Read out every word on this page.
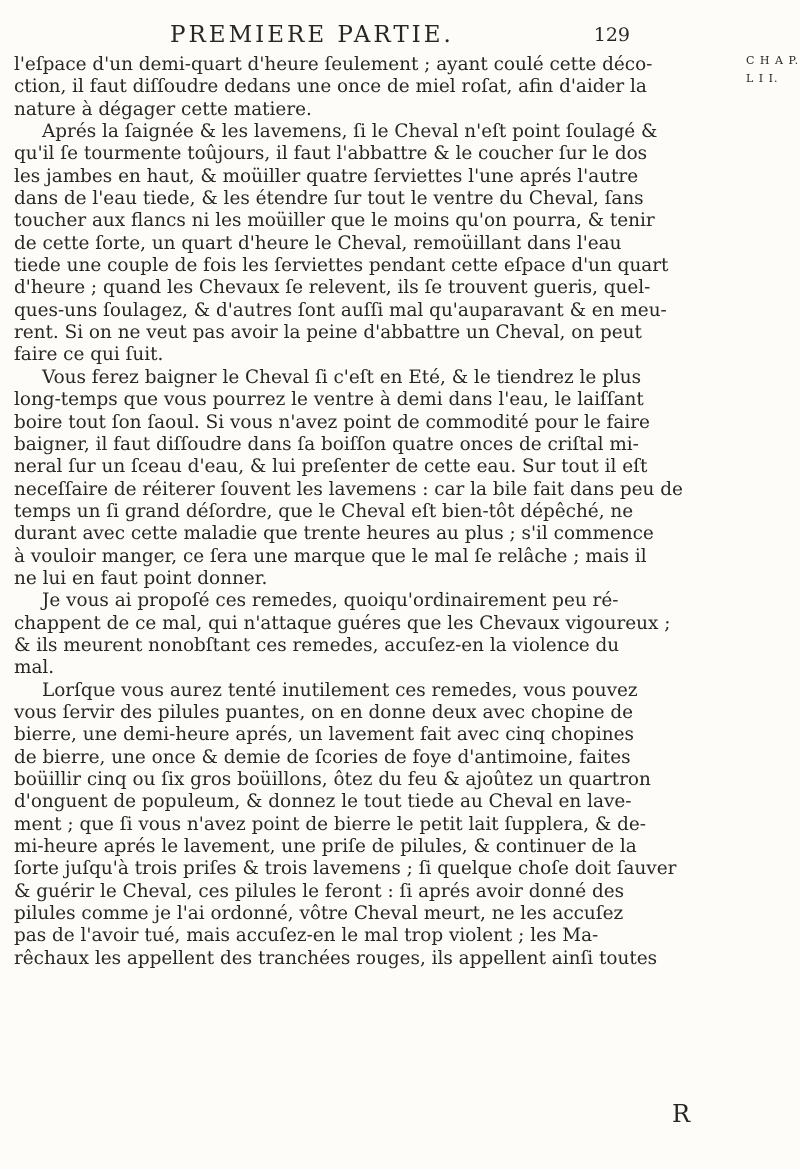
PREMIERE PARTIE.	129
C H A P.
L I I.
l'eſpace d'un demi-quart d'heure ſeulement ; ayant coulé cette déco-
ction, il faut diſſoudre dedans une once de miel roſat, afin d'aider la
nature à dégager cette matiere.
Aprés la ſaignée & les lavemens, ſi le Cheval n'eſt point ſoulagé &
qu'il ſe tourmente toûjours, il faut l'abbattre & le coucher ſur le dos
les jambes en haut, & moüiller quatre ſerviettes l'une aprés l'autre
dans de l'eau tiede, & les étendre ſur tout le ventre du Cheval, ſans
toucher aux flancs ni les moüiller que le moins qu'on pourra, & tenir
de cette ſorte, un quart d'heure le Cheval, remoüillant dans l'eau
tiede une couple de fois les ſerviettes pendant cette eſpace d'un quart
d'heure ; quand les Chevaux ſe relevent, ils ſe trouvent gueris, quel-
ques-uns ſoulagez, & d'autres ſont auſſi mal qu'auparavant & en meu-
rent. Si on ne veut pas avoir la peine d'abbattre un Cheval, on peut
faire ce qui ſuit.
Vous ferez baigner le Cheval ſi c'eſt en Eté, & le tiendrez le plus
long-temps que vous pourrez le ventre à demi dans l'eau, le laiſſant
boire tout ſon ſaoul. Si vous n'avez point de commodité pour le faire
baigner, il faut diſſoudre dans ſa boiſſon quatre onces de criſtal mi-
neral ſur un ſceau d'eau, & lui preſenter de cette eau. Sur tout il eſt
neceſſaire de réiterer ſouvent les lavemens : car la bile fait dans peu de
temps un ſi grand déſordre, que le Cheval eſt bien-tôt dépêché, ne
durant avec cette maladie que trente heures au plus ; s'il commence
à vouloir manger, ce ſera une marque que le mal ſe relâche ; mais il
ne lui en faut point donner.
Je vous ai propoſé ces remedes, quoiqu'ordinairement peu ré-
chappent de ce mal, qui n'attaque guéres que les Chevaux vigoureux ;
& ils meurent nonobſtant ces remedes, accuſez-en la violence du
mal.
Lorſque vous aurez tenté inutilement ces remedes, vous pouvez
vous ſervir des pilules puantes, on en donne deux avec chopine de
bierre, une demi-heure aprés, un lavement fait avec cinq chopines
de bierre, une once & demie de ſcories de foye d'antimoine, faites
boüillir cinq ou ſix gros boüillons, ôtez du feu & ajoûtez un quartron
d'onguent de populeum, & donnez le tout tiede au Cheval en lave-
ment ; que ſi vous n'avez point de bierre le petit lait ſupplera, & de-
mi-heure aprés le lavement, une priſe de pilules, & continuer de la
ſorte juſqu'à trois priſes & trois lavemens ; ſi quelque choſe doit ſauver
& guérir le Cheval, ces pilules le feront : ſi aprés avoir donné des
pilules comme je l'ai ordonné, vôtre Cheval meurt, ne les accuſez
pas de l'avoir tué, mais accuſez-en le mal trop violent ; les Ma-
rêchaux les appellent des tranchées rouges, ils appellent ainſi toutes
R
